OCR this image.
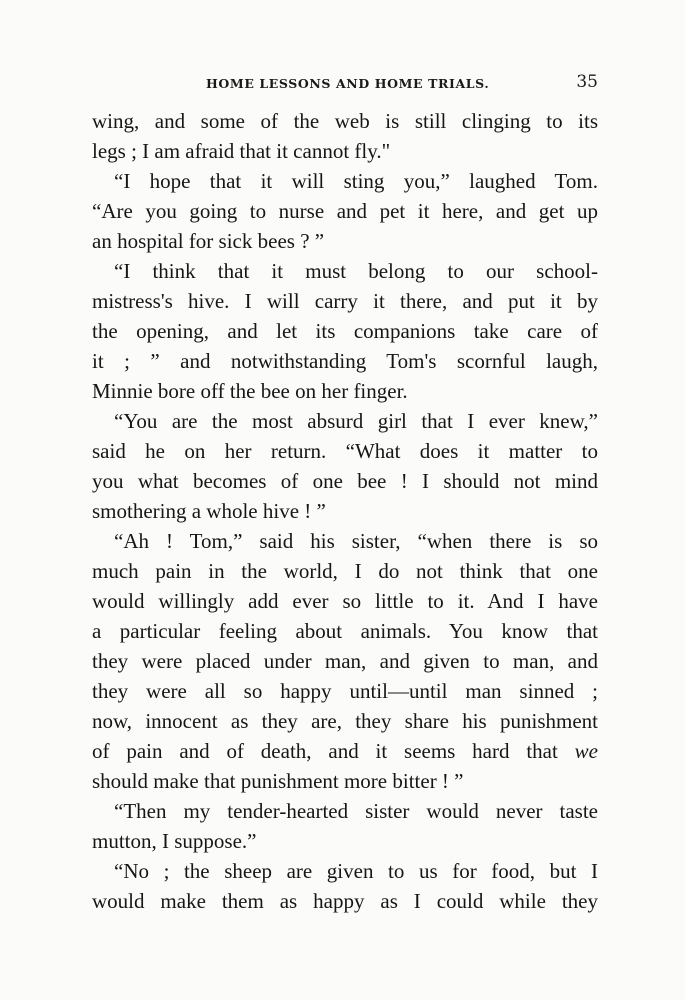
HOME LESSONS AND HOME TRIALS.	35
wing, and some of the web is still clinging to its
legs ; I am afraid that it cannot fly."
“I hope that it will sting you,” laughed Tom.
“Are you going to nurse and pet it here, and get up
an hospital for sick bees ? ”
“I think that it must belong to our school-
mistress's hive. I will carry it there, and put it by
the opening, and let its companions take care of
it ; ” and notwithstanding Tom's scornful laugh,
Minnie bore off the bee on her finger.
“You are the most absurd girl that I ever knew,”
said he on her return. “What does it matter to
you what becomes of one bee ! I should not mind
smothering a whole hive ! ”
“Ah ! Tom,” said his sister, “when there is so
much pain in the world, I do not think that one
would willingly add ever so little to it. And I have
a particular feeling about animals. You know that
they were placed under man, and given to man, and
they were all so happy until—until man sinned ;
now, innocent as they are, they share his punishment
of pain and of death, and it seems hard that we
should make that punishment more bitter ! ”
“Then my tender-hearted sister would never taste
mutton, I suppose.”
“No ; the sheep are given to us for food, but I
would make them as happy as I could while they
